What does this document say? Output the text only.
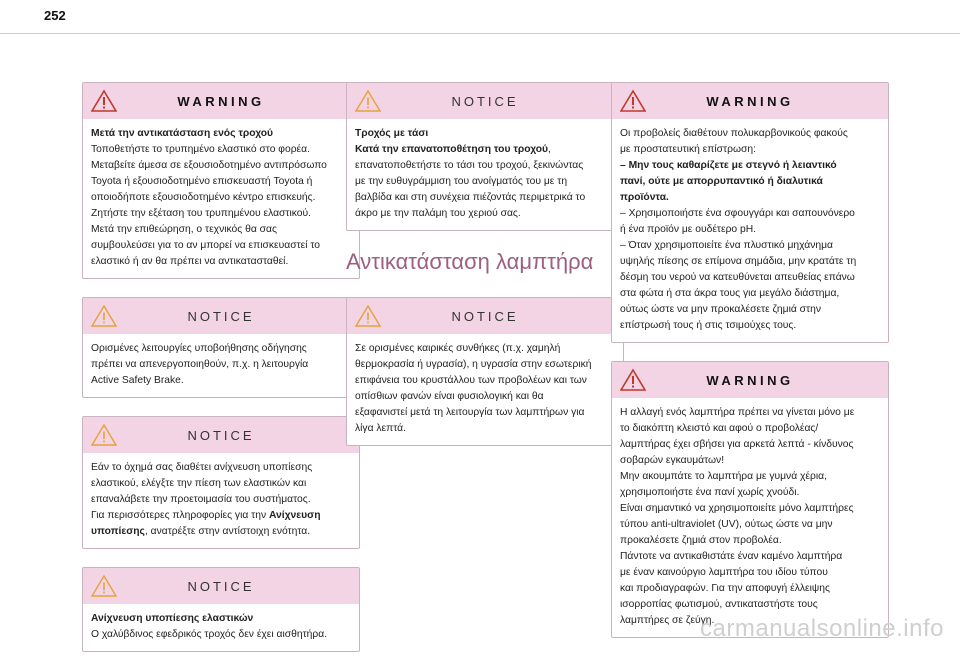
252
WARNING

Μετά την αντικατάσταση ενός τροχού

Τοποθετήστε το τρυπημένο ελαστικό στο φορέα.

Μεταβείτε άμεσα σε εξουσιοδοτημένο αντιπρόσωπο

Toyota ή εξουσιοδοτημένο επισκευαστή Toyota ή

οποιοδήποτε εξουσιοδοτημένο κέντρο επισκευής.

Ζητήστε την εξέταση του τρυπημένου ελαστικού.

Μετά την επιθεώρηση, ο τεχνικός θα σας

συμβουλεύσει για το αν μπορεί να επισκευαστεί το

ελαστικό ή αν θα πρέπει να αντικατασταθεί.

NOTICE

Ορισμένες λειτουργίες υποβοήθησης οδήγησης

πρέπει να απενεργοποιηθούν, π.χ. η λειτουργία

Active Safety Brake.

NOTICE

Εάν το όχημά σας διαθέτει ανίχνευση υποπίεσης

ελαστικού, ελέγξτε την πίεση των ελαστικών και

επαναλάβετε την προετοιμασία του συστήματος.

Για περισσότερες πληροφορίες για την Ανίχνευση

υποπίεσης, ανατρέξτε στην αντίστοιχη ενότητα.

NOTICE

Ανίχνευση υποπίεσης ελαστικών

Ο χαλύβδινος εφεδρικός τροχός δεν έχει αισθητήρα.

NOTICE

Τροχός με τάσι

Κατά την επανατοποθέτηση του τροχού,

επανατοποθετήστε το τάσι του τροχού, ξεκινώντας

με την ευθυγράμμιση του ανοίγματός του με τη

βαλβίδα και στη συνέχεια πιέζοντάς περιμετρικά το

άκρο με την παλάμη του χεριού σας.

Αντικατάσταση λαμπτήρα
NOTICE

Σε ορισμένες καιρικές συνθήκες (π.χ. χαμηλή

θερμοκρασία ή υγρασία), η υγρασία στην εσωτερική

επιφάνεια του κρυστάλλου των προβολέων και των

οπίσθιων φανών είναι φυσιολογική και θα

εξαφανιστεί μετά τη λειτουργία των λαμπτήρων για

λίγα λεπτά.

WARNING

Οι προβολείς διαθέτουν πολυκαρβονικούς φακούς

με προστατευτική επίστρωση:

– Μην τους καθαρίζετε με στεγνό ή λειαντικό

πανί, ούτε με απορρυπαντικό ή διαλυτικά

προϊόντα.

– Χρησιμοποιήστε ένα σφουγγάρι και σαπουνόνερο

ή ένα προϊόν με ουδέτερο pH.

– Όταν χρησιμοποιείτε ένα πλυστικό μηχάνημα

υψηλής πίεσης σε επίμονα σημάδια, μην κρατάτε τη

δέσμη του νερού να κατευθύνεται απευθείας επάνω

στα φώτα ή στα άκρα τους για μεγάλο διάστημα,

ούτως ώστε να μην προκαλέσετε ζημιά στην

επίστρωσή τους ή στις τσιμούχες τους.

WARNING

Η αλλαγή ενός λαμπτήρα πρέπει να γίνεται μόνο με

το διακόπτη κλειστό και αφού ο προβολέας/

λαμπτήρας έχει σβήσει για αρκετά λεπτά - κίνδυνος

σοβαρών εγκαυμάτων!

Μην ακουμπάτε το λαμπτήρα με γυμνά χέρια,

χρησιμοποιήστε ένα πανί χωρίς χνούδι.

Είναι σημαντικό να χρησιμοποιείτε μόνο λαμπτήρες

τύπου anti-ultraviolet (UV), ούτως ώστε να μην

προκαλέσετε ζημιά στον προβολέα.

Πάντοτε να αντικαθιστάτε έναν καμένο λαμπτήρα

με έναν καινούργιο λαμπτήρα του ιδίου τύπου

και προδιαγραφών. Για την αποφυγή έλλειψης

ισορροπίας φωτισμού, αντικαταστήστε τους

λαμπτήρες σε ζεύγη.

carmanualsonline.info
